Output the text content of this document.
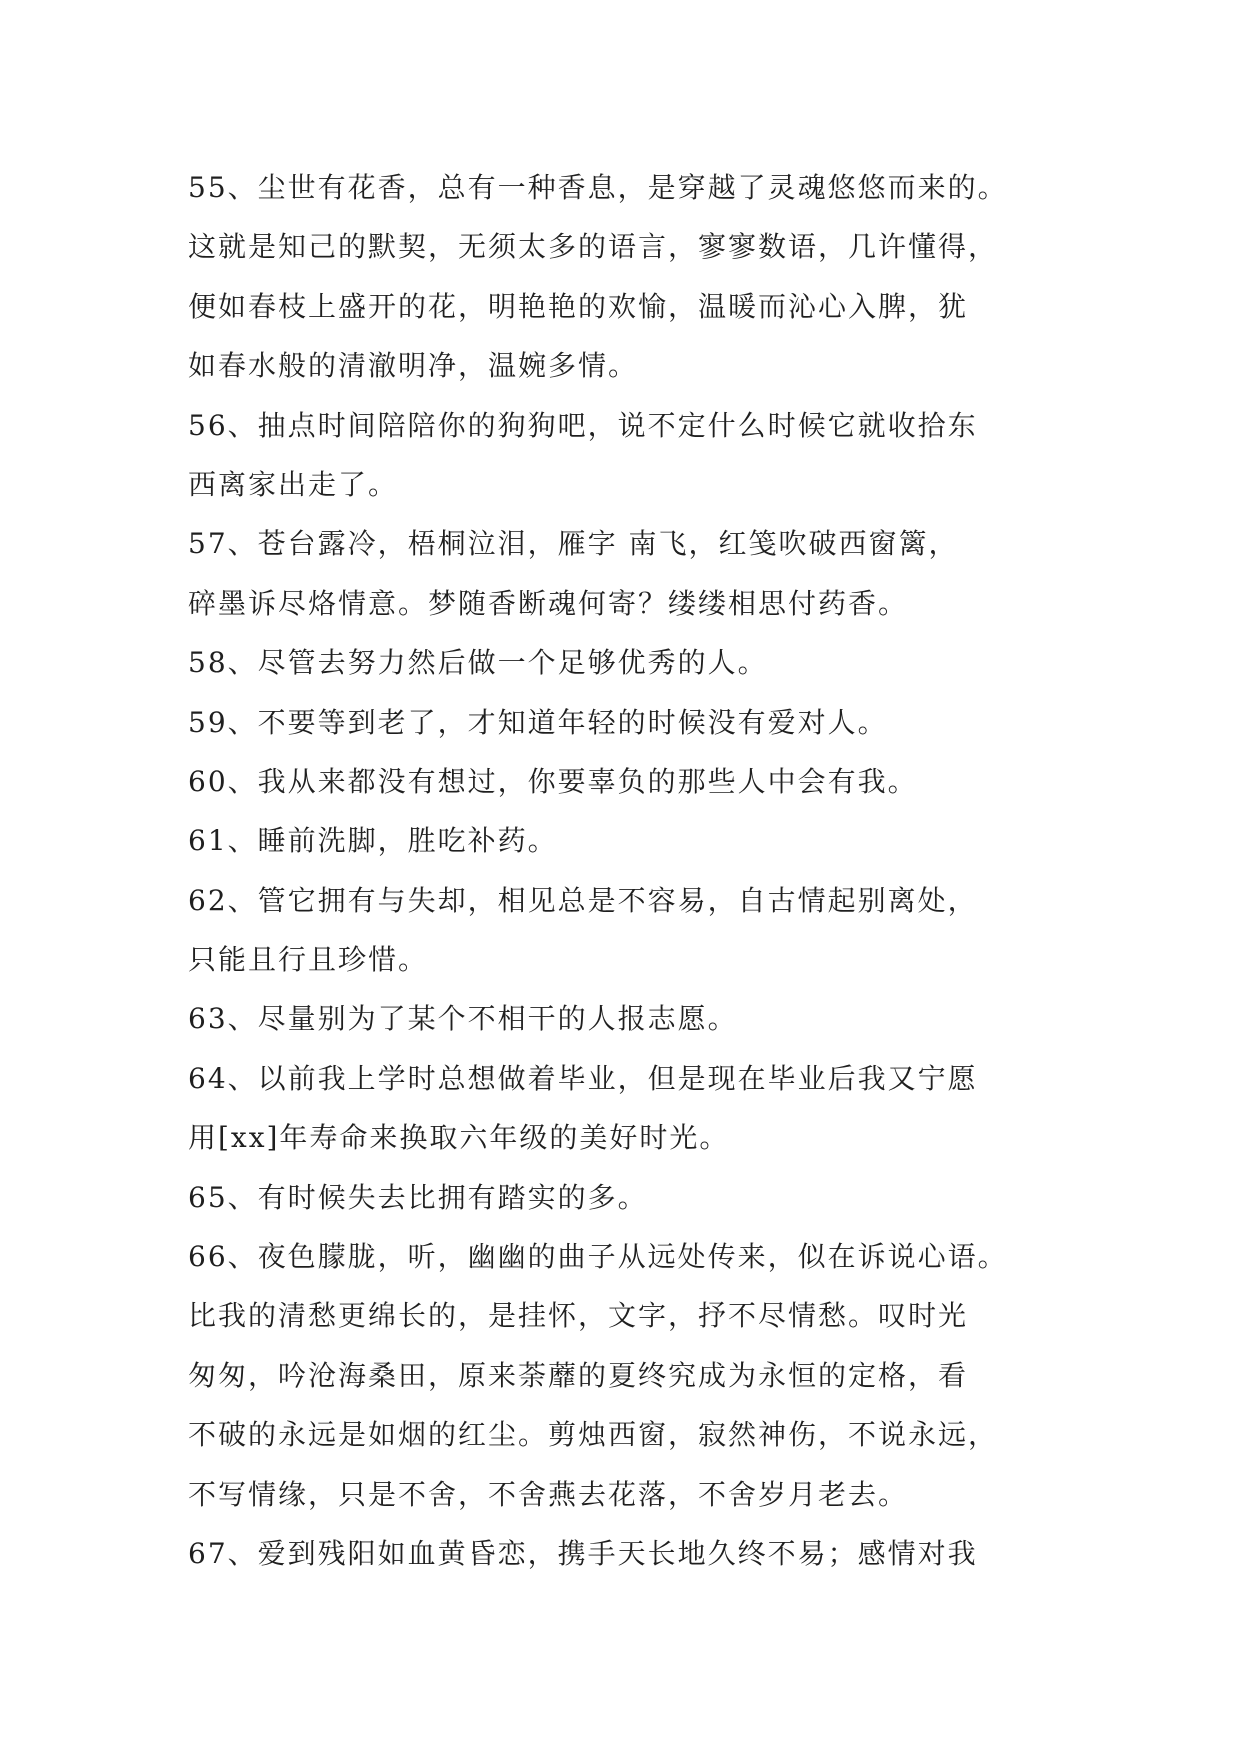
55、尘世有花香，总有一种香息，是穿越了灵魂悠悠而来的。
这就是知己的默契，无须太多的语言，寥寥数语，几许懂得，
便如春枝上盛开的花，明艳艳的欢愉，温暖而沁心入脾，犹
如春水般的清澈明净，温婉多情。
56、抽点时间陪陪你的狗狗吧，说不定什么时候它就收拾东
西离家出走了。
57、苍台露冷，梧桐泣泪，雁字 南飞，红笺吹破西窗篱，
碎墨诉尽烙情意。梦随香断魂何寄？缕缕相思付药香。
58、尽管去努力然后做一个足够优秀的人。
59、不要等到老了，才知道年轻的时候没有爱对人。
60、我从来都没有想过，你要辜负的那些人中会有我。
61、睡前洗脚，胜吃补药。
62、管它拥有与失却，相见总是不容易，自古情起别离处，
只能且行且珍惜。
63、尽量别为了某个不相干的人报志愿。
64、以前我上学时总想做着毕业，但是现在毕业后我又宁愿
用[xx]年寿命来换取六年级的美好时光。
65、有时候失去比拥有踏实的多。
66、夜色朦胧，听，幽幽的曲子从远处传来，似在诉说心语。
比我的清愁更绵长的，是挂怀，文字，抒不尽情愁。叹时光
匆匆，吟沧海桑田，原来荼蘼的夏终究成为永恒的定格，看
不破的永远是如烟的红尘。剪烛西窗，寂然神伤，不说永远，
不写情缘，只是不舍，不舍燕去花落，不舍岁月老去。
67、爱到残阳如血黄昏恋，携手天长地久终不易；感情对我
